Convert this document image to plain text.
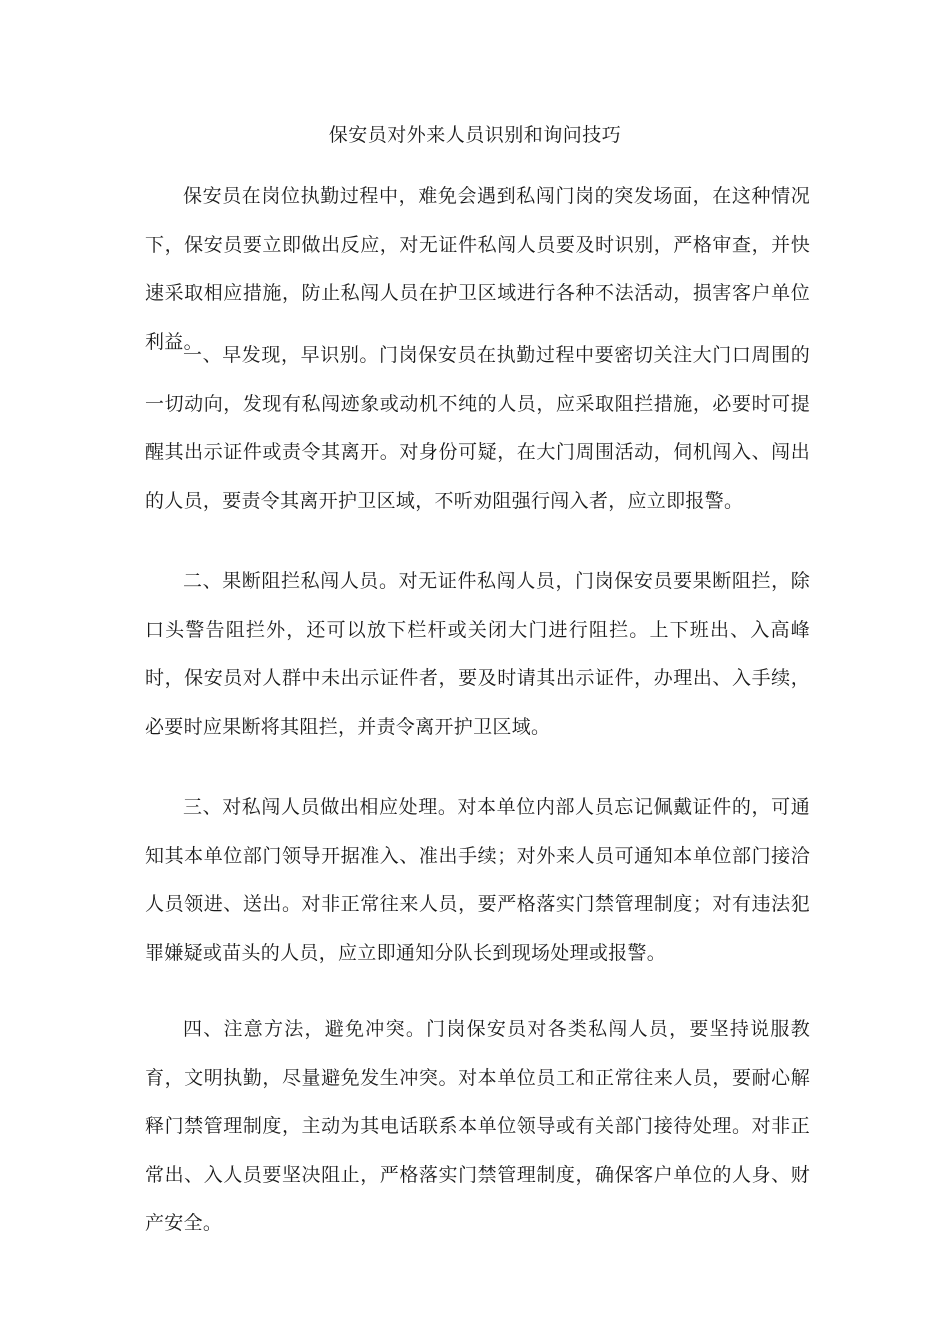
保安员对外来人员识别和询问技巧

保安员在岗位执勤过程中，难免会遇到私闯门岗的突发场面，在这种情况下，保安员要立即做出反应，对无证件私闯人员要及时识别，严格审查，并快速采取相应措施，防止私闯人员在护卫区域进行各种不法活动，损害客户单位利益。

一、早发现，早识别。门岗保安员在执勤过程中要密切关注大门口周围的一切动向，发现有私闯迹象或动机不纯的人员，应采取阻拦措施，必要时可提醒其出示证件或责令其离开。对身份可疑，在大门周围活动，伺机闯入、闯出的人员，要责令其离开护卫区域，不听劝阻强行闯入者，应立即报警。

二、果断阻拦私闯人员。对无证件私闯人员，门岗保安员要果断阻拦，除口头警告阻拦外，还可以放下栏杆或关闭大门进行阻拦。上下班出、入高峰时，保安员对人群中未出示证件者，要及时请其出示证件，办理出、入手续，必要时应果断将其阻拦，并责令离开护卫区域。

三、对私闯人员做出相应处理。对本单位内部人员忘记佩戴证件的，可通知其本单位部门领导开据准入、准出手续；对外来人员可通知本单位部门接洽人员领进、送出。对非正常往来人员，要严格落实门禁管理制度；对有违法犯罪嫌疑或苗头的人员，应立即通知分队长到现场处理或报警。

四、注意方法，避免冲突。门岗保安员对各类私闯人员，要坚持说服教育，文明执勤，尽量避免发生冲突。对本单位员工和正常往来人员，要耐心解释门禁管理制度，主动为其电话联系本单位领导或有关部门接待处理。对非正常出、入人员要坚决阻止，严格落实门禁管理制度，确保客户单位的人身、财产安全。
